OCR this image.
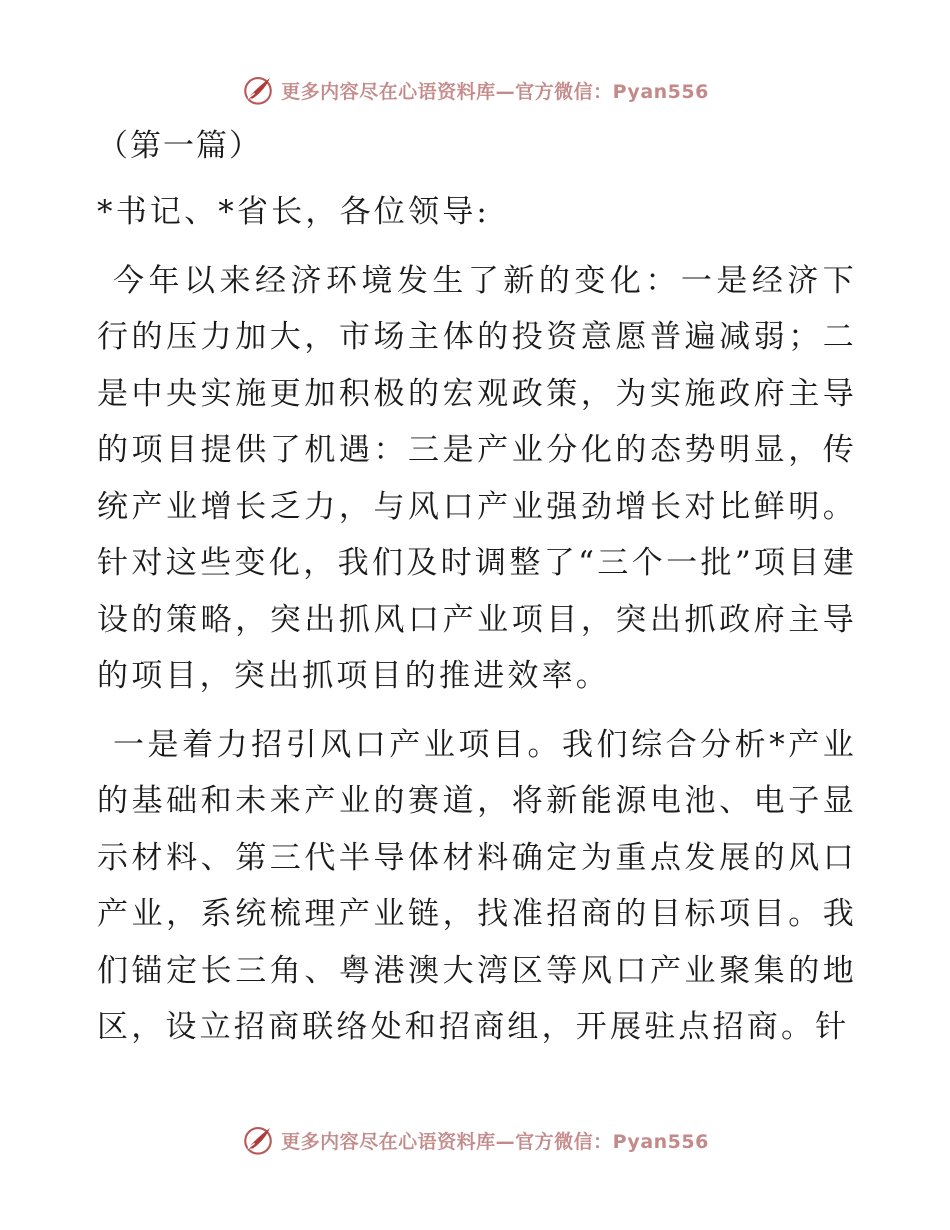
更多内容尽在心语资料库—官方微信：Pyan556
（第一篇）
*书记、*省长，各位领导:
今年以来经济环境发生了新的变化：一是经济下行的压力加大，市场主体的投资意愿普遍减弱；二是中央实施更加积极的宏观政策，为实施政府主导的项目提供了机遇：三是产业分化的态势明显，传统产业增长乏力，与风口产业强劲增长对比鲜明。针对这些变化，我们及时调整了“三个一批”项目建设的策略，突出抓风口产业项目，突出抓政府主导的项目，突出抓项目的推进效率。
一是着力招引风口产业项目。我们综合分析*产业的基础和未来产业的赛道，将新能源电池、电子显示材料、第三代半导体材料确定为重点发展的风口产业，系统梳理产业链，找准招商的目标项目。我们锚定长三角、粤港澳大湾区等风口产业聚集的地区，设立招商联络处和招商组，开展驻点招商。针
更多内容尽在心语资料库—官方微信：Pyan556
